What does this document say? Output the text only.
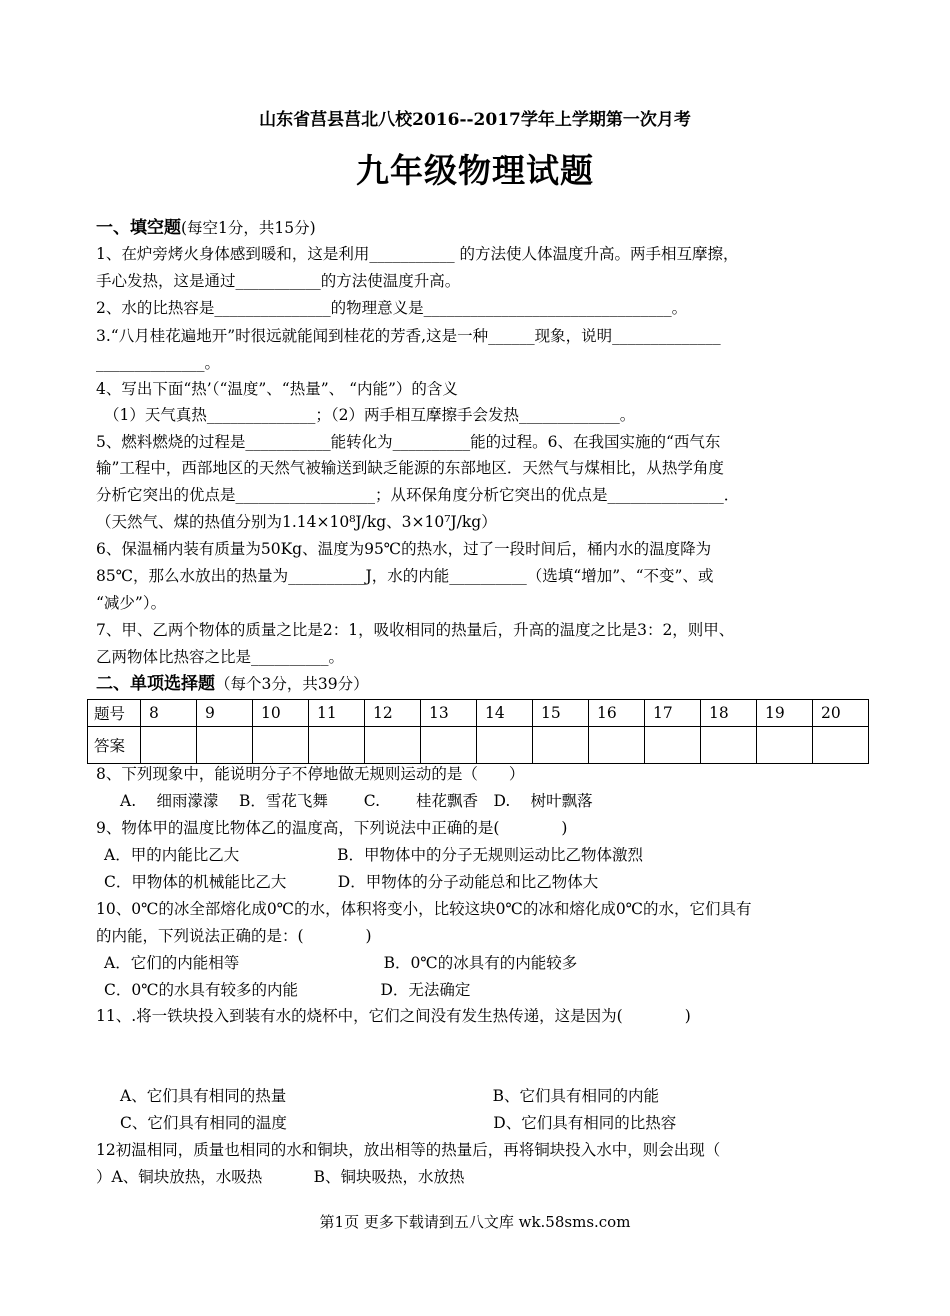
山东省莒县莒北八校2016--2017学年上学期第一次月考
九年级物理试题
一、填空题(每空1分，共15分)
1、在炉旁烤火身体感到暖和，这是利用___________ 的方法使人体温度升高。两手相互摩擦，
手心发热，这是通过___________的方法使温度升高。
2、水的比热容是_______________的物理意义是________________________________。
3.“八月桂花遍地开”时很远就能闻到桂花的芳香,这是一种______现象，说明______________
______________。
4、写出下面“热’（“温度”、“热量”、 “内能”）的含义
（1）天气真热______________；（2）两手相互摩擦手会发热_____________。
5、燃料燃烧的过程是___________能转化为__________能的过程。6、在我国实施的“西气东
输”工程中，西部地区的天然气被输送到缺乏能源的东部地区．天然气与煤相比，从热学角度
分析它突出的优点是__________________；从环保角度分析它突出的优点是_______________．
（天然气、煤的热值分别为1.14×10⁸J/kg、3×10⁷J/kg）
6、保温桶内装有质量为50Kg、温度为95℃的热水，过了一段时间后，桶内水的温度降为
85℃，那么水放出的热量为__________J，水的内能__________（选填“增加”、“不变”、或
“减少”）。
7、甲、乙两个物体的质量之比是2：1，吸收相同的热量后，升高的温度之比是3：2，则甲、
乙两物体比热容之比是__________。
二、单项选择题（每个3分，共39分）
题号	8	9	10	11	12	13	14	15	16	17	18	19	20
答案													
8、下列现象中，能说明分子不停地做无规则运动的是（　　）
A.　 细雨濛濛　 B．雪花飞舞　　 C.　　 桂花飘香　D.　 树叶飘落
9、物体甲的温度比物体乙的温度高，下列说法中正确的是(　　　　)
A．甲的内能比乙大　　　　　　 B．甲物体中的分子无规则运动比乙物体激烈
C．甲物体的机械能比乙大　　　 D．甲物体的分子动能总和比乙物体大
10、0℃的冰全部熔化成0℃的水，体积将变小，比较这块0℃的冰和熔化成0℃的水，它们具有
的内能，下列说法正确的是：(　　　　)
A．它们的内能相等　　　　　　　　　 B．0℃的冰具有的内能较多
C．0℃的水具有较多的内能　　　　　 D．无法确定
11、.将一铁块投入到装有水的烧杯中，它们之间没有发生热传递，这是因为(　　　　)
A、它们具有相同的热量　　　　　　　　　　　　　 B、它们具有相同的内能
C、它们具有相同的温度　　　　　　　　　　　　　 D、它们具有相同的比热容
12初温相同，质量也相同的水和铜块，放出相等的热量后，再将铜块投入水中，则会出现（
）A、铜块放热，水吸热　　　 B、铜块吸热，水放热
第1页 更多下载请到五八文库 wk.58sms.com
